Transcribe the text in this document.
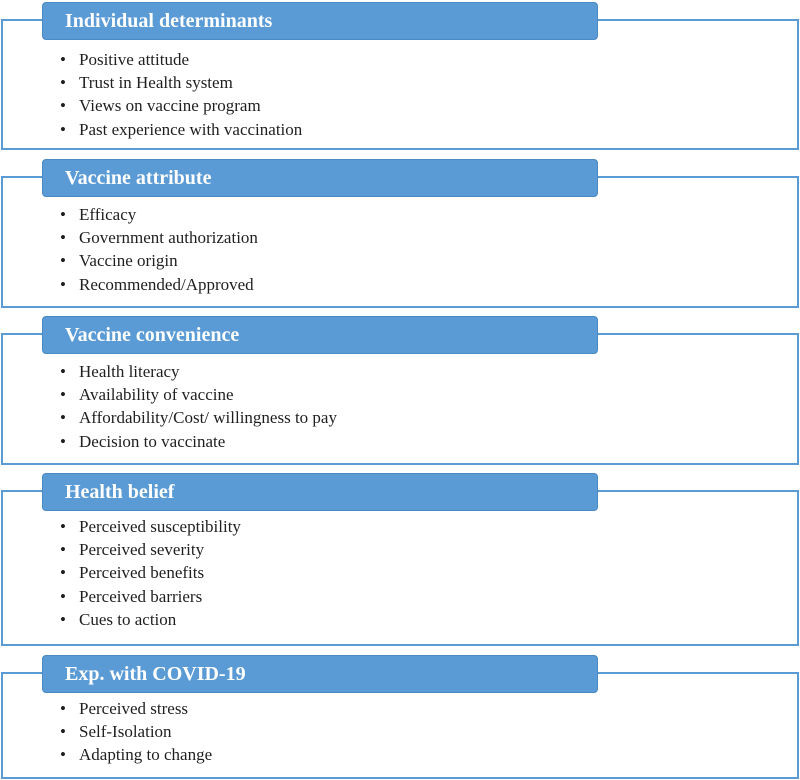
Individual determinants
• Positive attitude
• Trust in Health system
• Views on vaccine program
• Past experience with vaccination
Vaccine attribute
• Efficacy
• Government authorization
• Vaccine origin
• Recommended/Approved
Vaccine convenience
• Health literacy
• Availability of vaccine
• Affordability/Cost/ willingness to pay
• Decision to vaccinate
Health belief
• Perceived susceptibility
• Perceived severity
• Perceived benefits
• Perceived barriers
• Cues to action
Exp. with COVID-19
• Perceived stress
• Self-Isolation
• Adapting to change
